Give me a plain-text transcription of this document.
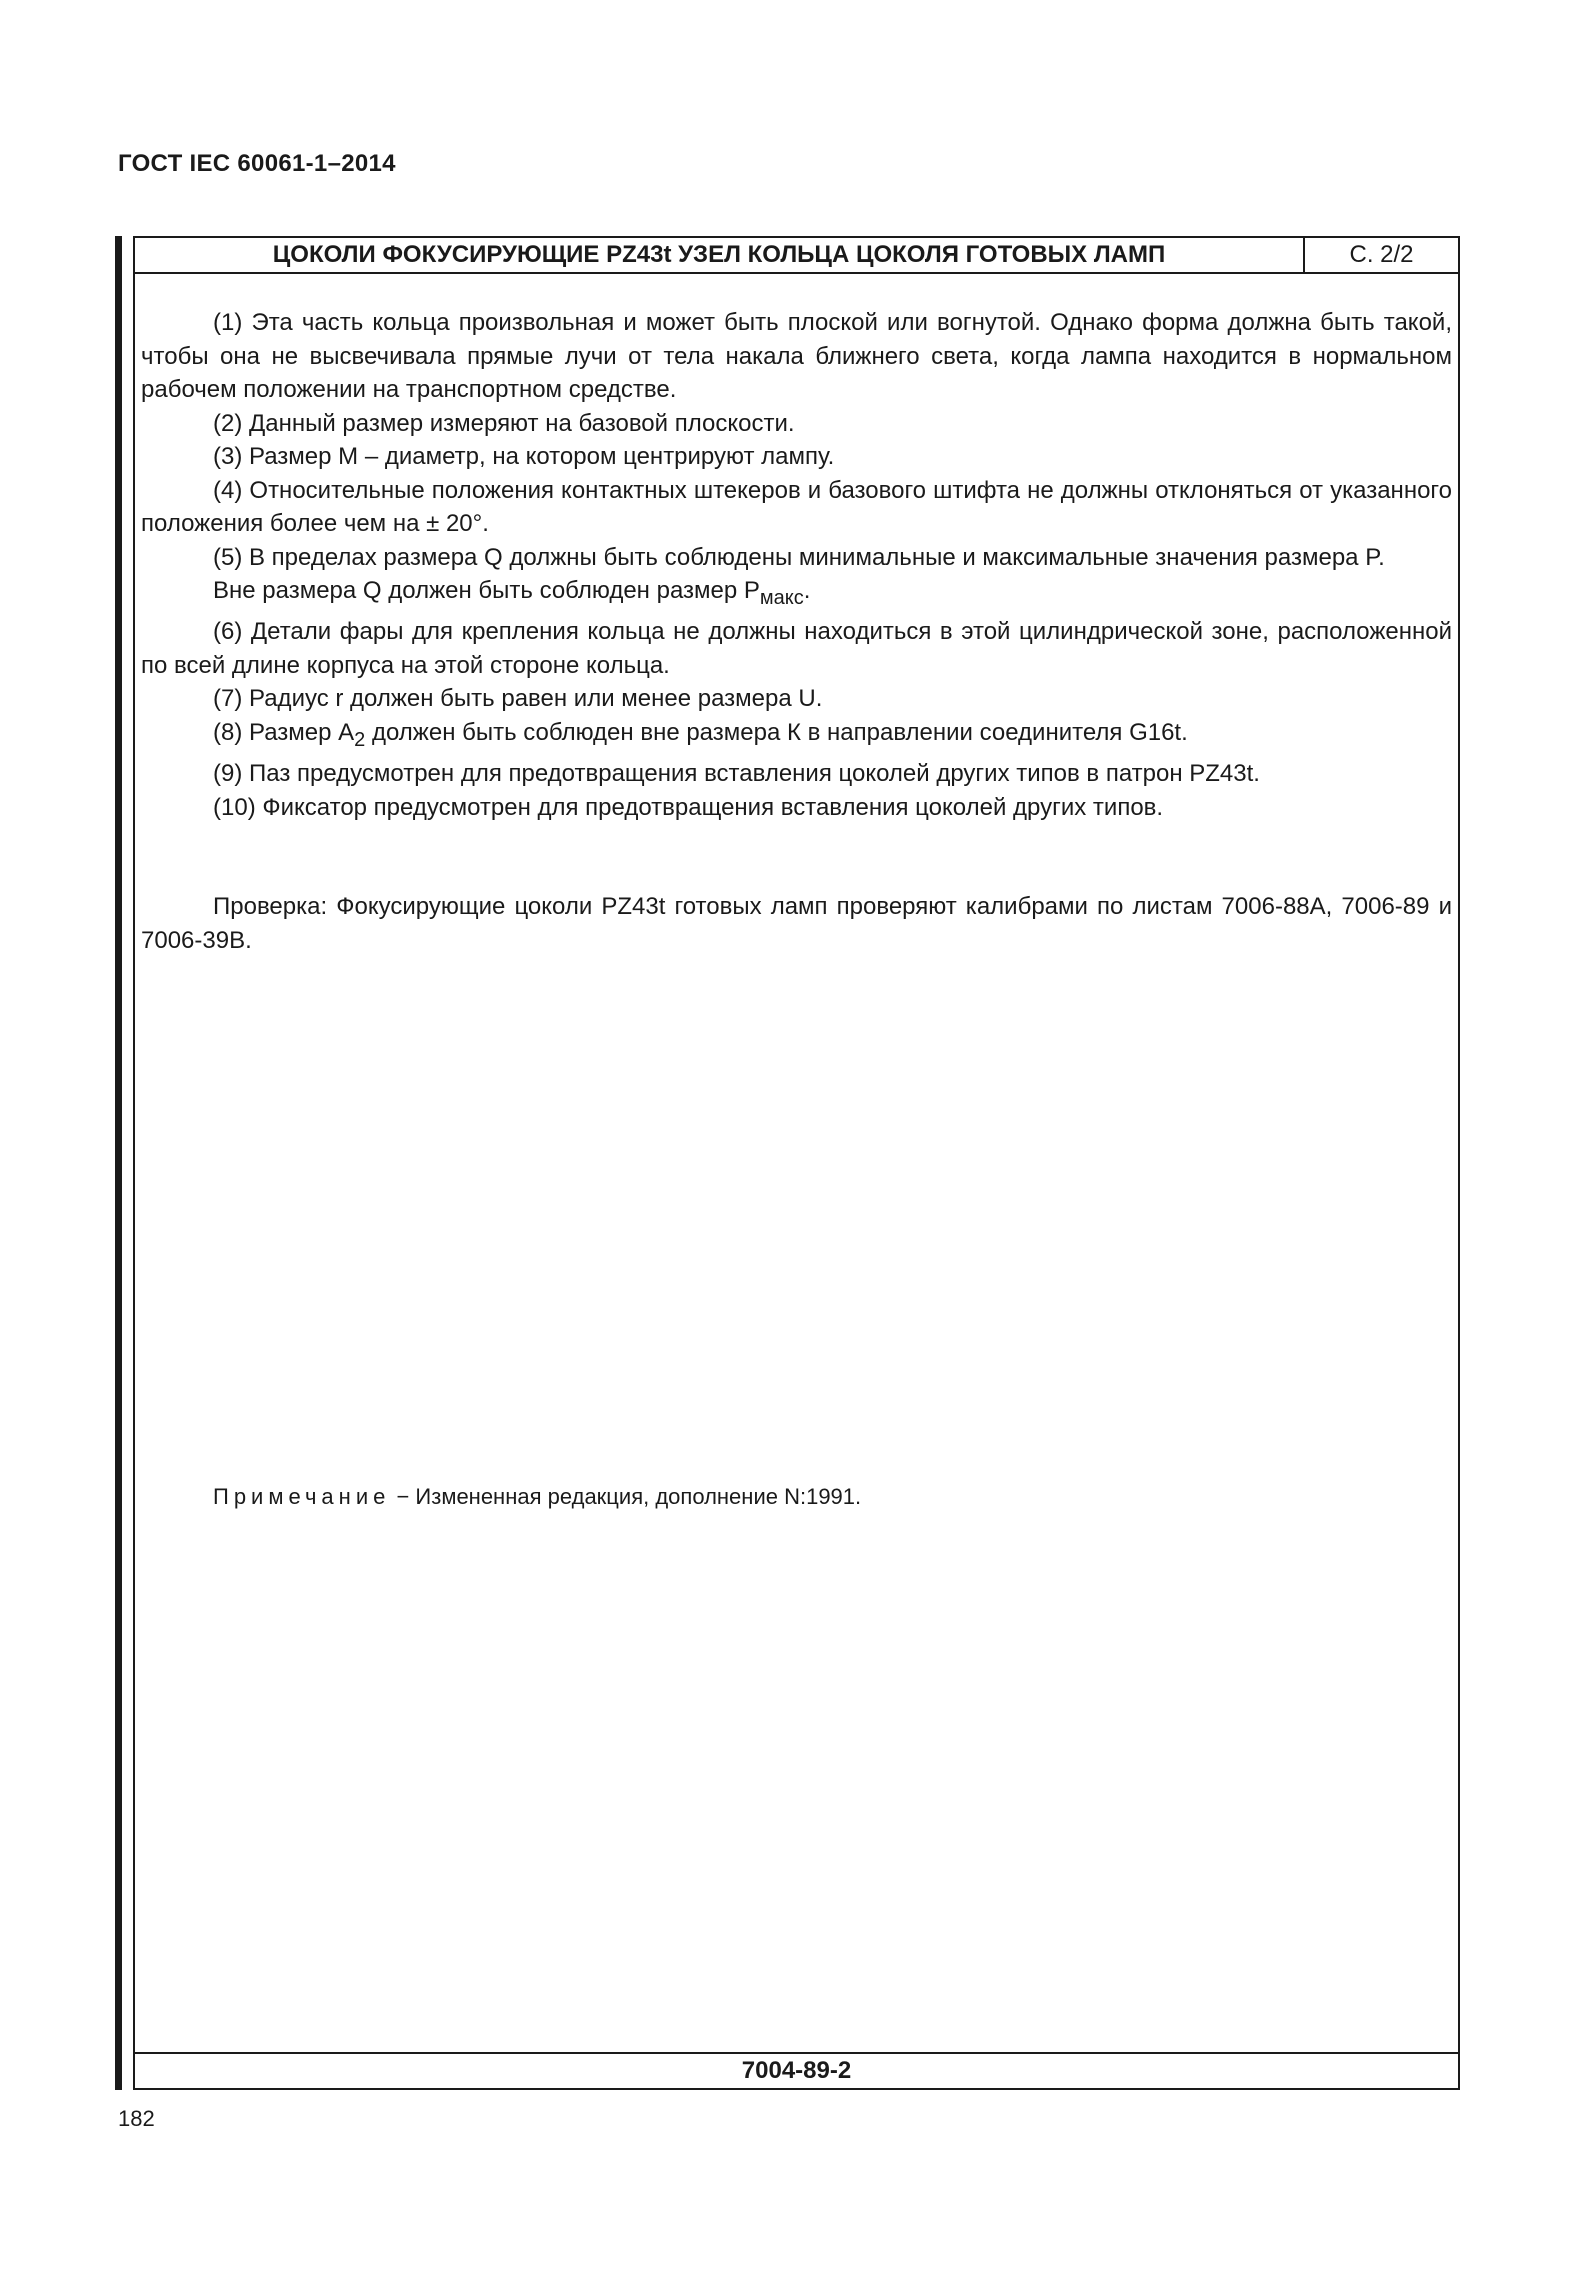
ГОСТ IEC 60061-1–2014
ЦОКОЛИ ФОКУСИРУЮЩИЕ PZ43t УЗЕЛ КОЛЬЦА ЦОКОЛЯ ГОТОВЫХ ЛАМП	С. 2/2

(1) Эта часть кольца произвольная и может быть плоской или вогнутой. Однако форма должна быть такой, чтобы она не высвечивала прямые лучи от тела накала ближнего света, когда лампа находится в нормальном рабочем положении на транспортном средстве.

(2) Данный размер измеряют на базовой плоскости.

(3) Размер М – диаметр, на котором центрируют лампу.

(4) Относительные положения контактных штекеров и базового штифта не должны отклоняться от указанного положения более чем на ± 20°.

(5) В пределах размера Q должны быть соблюдены минимальные и максимальные значения размера P.

Вне размера Q должен быть соблюден размер $P_{макс}$.

(6) Детали фары для крепления кольца не должны находиться в этой цилиндрической зоне, расположенной по всей длине корпуса на этой стороне кольца.

(7) Радиус r должен быть равен или менее размера U.

(8) Размер $A_2$ должен быть соблюден вне размера К в направлении соединителя G16t.

(9) Паз предусмотрен для предотвращения вставления цоколей других типов в патрон PZ43t.

(10) Фиксатор предусмотрен для предотвращения вставления цоколей других типов.

Проверка: Фокусирующие цоколи PZ43t готовых ламп проверяют калибрами по листам 7006-88A, 7006-89 и 7006-39B.

Примечание − Измененная редакция, дополнение N:1991.
7004-89-2
182
